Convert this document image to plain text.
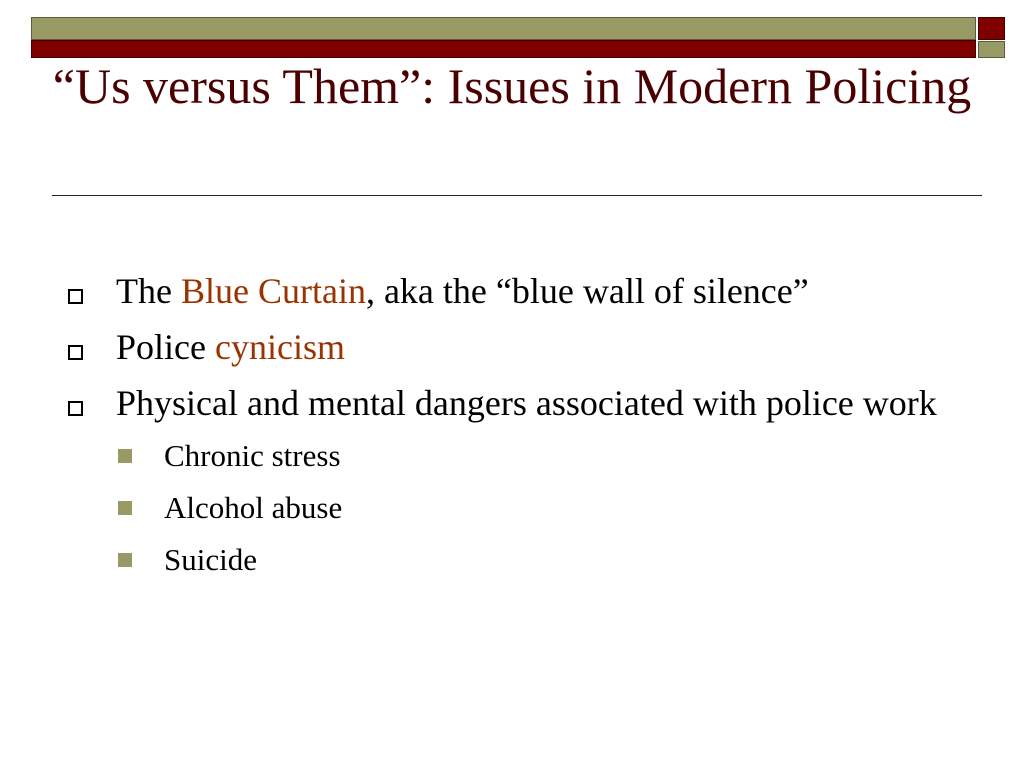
“Us versus Them”: Issues in Modern Policing
The Blue Curtain, aka the “blue wall of silence”
Police cynicism
Physical and mental dangers associated with police work
Chronic stress
Alcohol abuse
Suicide
